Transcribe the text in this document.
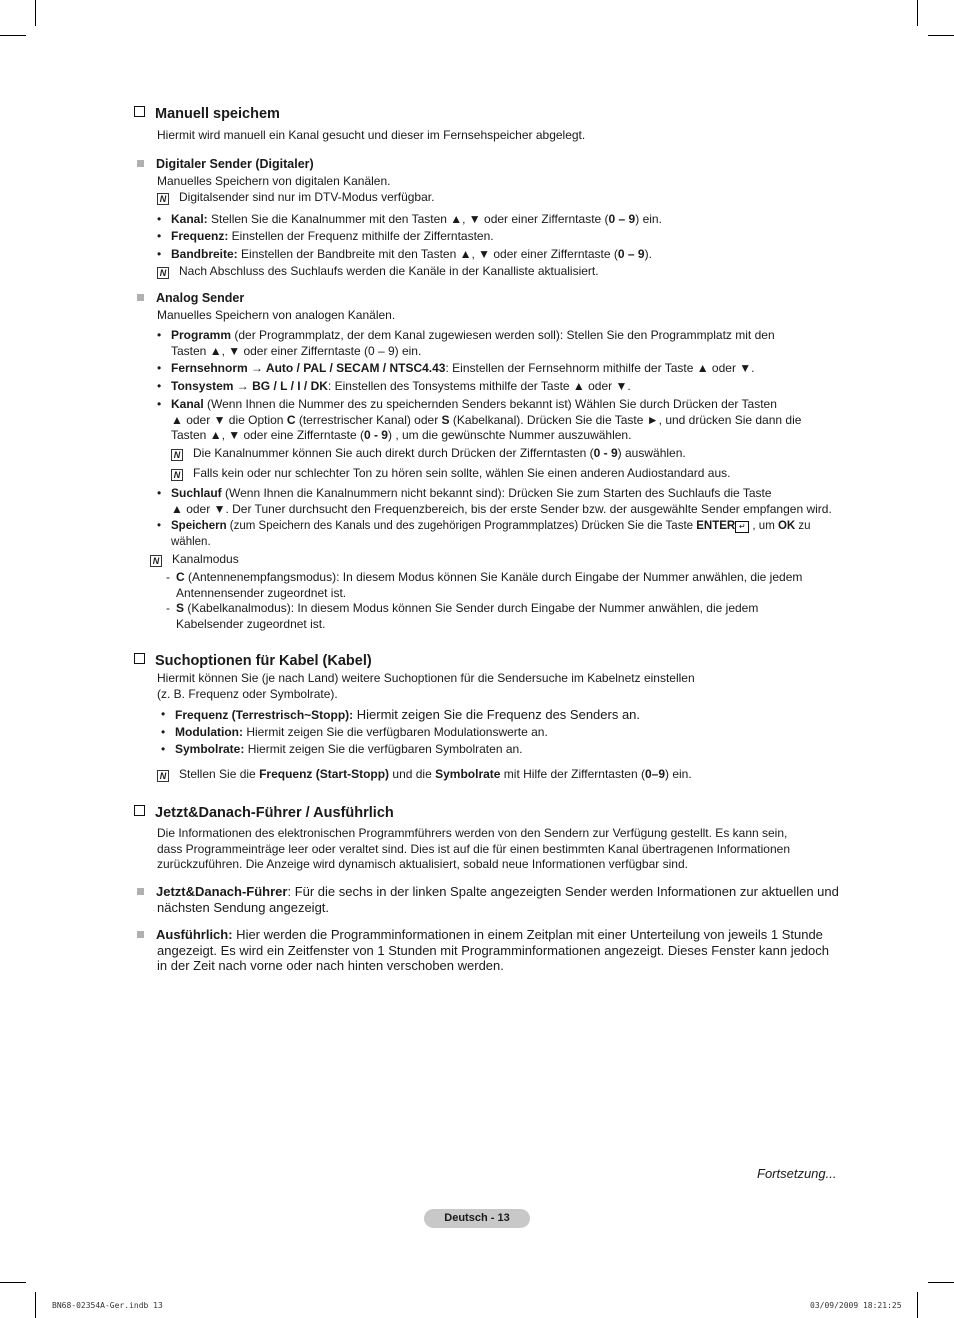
Manuell speichem
Hiermit wird manuell ein Kanal gesucht und dieser im Fernsehspeicher abgelegt.
Digitaler Sender (Digitaler)
Manuelles Speichern von digitalen Kanälen.
N Digitalsender sind nur im DTV-Modus verfügbar.
• Kanal: Stellen Sie die Kanalnummer mit den Tasten ▲, ▼ oder einer Zifferntaste (0 – 9) ein.
• Frequenz: Einstellen der Frequenz mithilfe der Zifferntasten.
• Bandbreite: Einstellen der Bandbreite mit den Tasten ▲, ▼ oder einer Zifferntaste (0 – 9).
N Nach Abschluss des Suchlaufs werden die Kanäle in der Kanalliste aktualisiert.
Analog Sender
Manuelles Speichern von analogen Kanälen.
• Programm (der Programmplatz, der dem Kanal zugewiesen werden soll): Stellen Sie den Programmplatz mit den
Tasten ▲, ▼ oder einer Zifferntaste (0 – 9) ein.
• Fernsehnorm → Auto / PAL / SECAM / NTSC4.43: Einstellen der Fernsehnorm mithilfe der Taste ▲ oder ▼.
• Tonsystem → BG / L / I / DK: Einstellen des Tonsystems mithilfe der Taste ▲ oder ▼.
• Kanal (Wenn Ihnen die Nummer des zu speichernden Senders bekannt ist) Wählen Sie durch Drücken der Tasten
▲ oder ▼ die Option C (terrestrischer Kanal) oder S (Kabelkanal). Drücken Sie die Taste ►, und drücken Sie dann die
Tasten ▲, ▼ oder eine Zifferntaste (0 - 9) , um die gewünschte Nummer auszuwählen.
N Die Kanalnummer können Sie auch direkt durch Drücken der Zifferntasten (0 - 9) auswählen.
N Falls kein oder nur schlechter Ton zu hören sein sollte, wählen Sie einen anderen Audiostandard aus.
• Suchlauf (Wenn Ihnen die Kanalnummern nicht bekannt sind): Drücken Sie zum Starten des Suchlaufs die Taste
▲ oder ▼. Der Tuner durchsucht den Frequenzbereich, bis der erste Sender bzw. der ausgewählte Sender empfangen wird.
• Speichern (zum Speichern des Kanals und des zugehörigen Programmplatzes) Drücken Sie die Taste ENTER ↵ , um OK zu
wählen.
N Kanalmodus
- C (Antennenempfangsmodus): In diesem Modus können Sie Kanäle durch Eingabe der Nummer anwählen, die jedem
Antennensender zugeordnet ist.
- S (Kabelkanalmodus): In diesem Modus können Sie Sender durch Eingabe der Nummer anwählen, die jedem
Kabelsender zugeordnet ist.
Suchoptionen für Kabel (Kabel)
Hiermit können Sie (je nach Land) weitere Suchoptionen für die Sendersuche im Kabelnetz einstellen
(z. B. Frequenz oder Symbolrate).
• Frequenz (Terrestrisch~Stopp): Hiermit zeigen Sie die Frequenz des Senders an.
• Modulation: Hiermit zeigen Sie die verfügbaren Modulationswerte an.
• Symbolrate: Hiermit zeigen Sie die verfügbaren Symbolraten an.
N Stellen Sie die Frequenz (Start-Stopp) und die Symbolrate mit Hilfe der Zifferntasten (0–9) ein.
Jetzt&Danach-Führer / Ausführlich
Die Informationen des elektronischen Programmführers werden von den Sendern zur Verfügung gestellt. Es kann sein,
dass Programmeinträge leer oder veraltet sind. Dies ist auf die für einen bestimmten Kanal übertragenen Informationen
zurückzuführen. Die Anzeige wird dynamisch aktualisiert, sobald neue Informationen verfügbar sind.
Jetzt&Danach-Führer: Für die sechs in der linken Spalte angezeigten Sender werden Informationen zur aktuellen und
nächsten Sendung angezeigt.
Ausführlich: Hier werden die Programminformationen in einem Zeitplan mit einer Unterteilung von jeweils 1 Stunde
angezeigt. Es wird ein Zeitfenster von 1 Stunden mit Programminformationen angezeigt. Dieses Fenster kann jedoch
in der Zeit nach vorne oder nach hinten verschoben werden.
Fortsetzung...
Deutsch - 13
BN68-02354A-Ger.indb 13	03/09/2009 18:21:25
